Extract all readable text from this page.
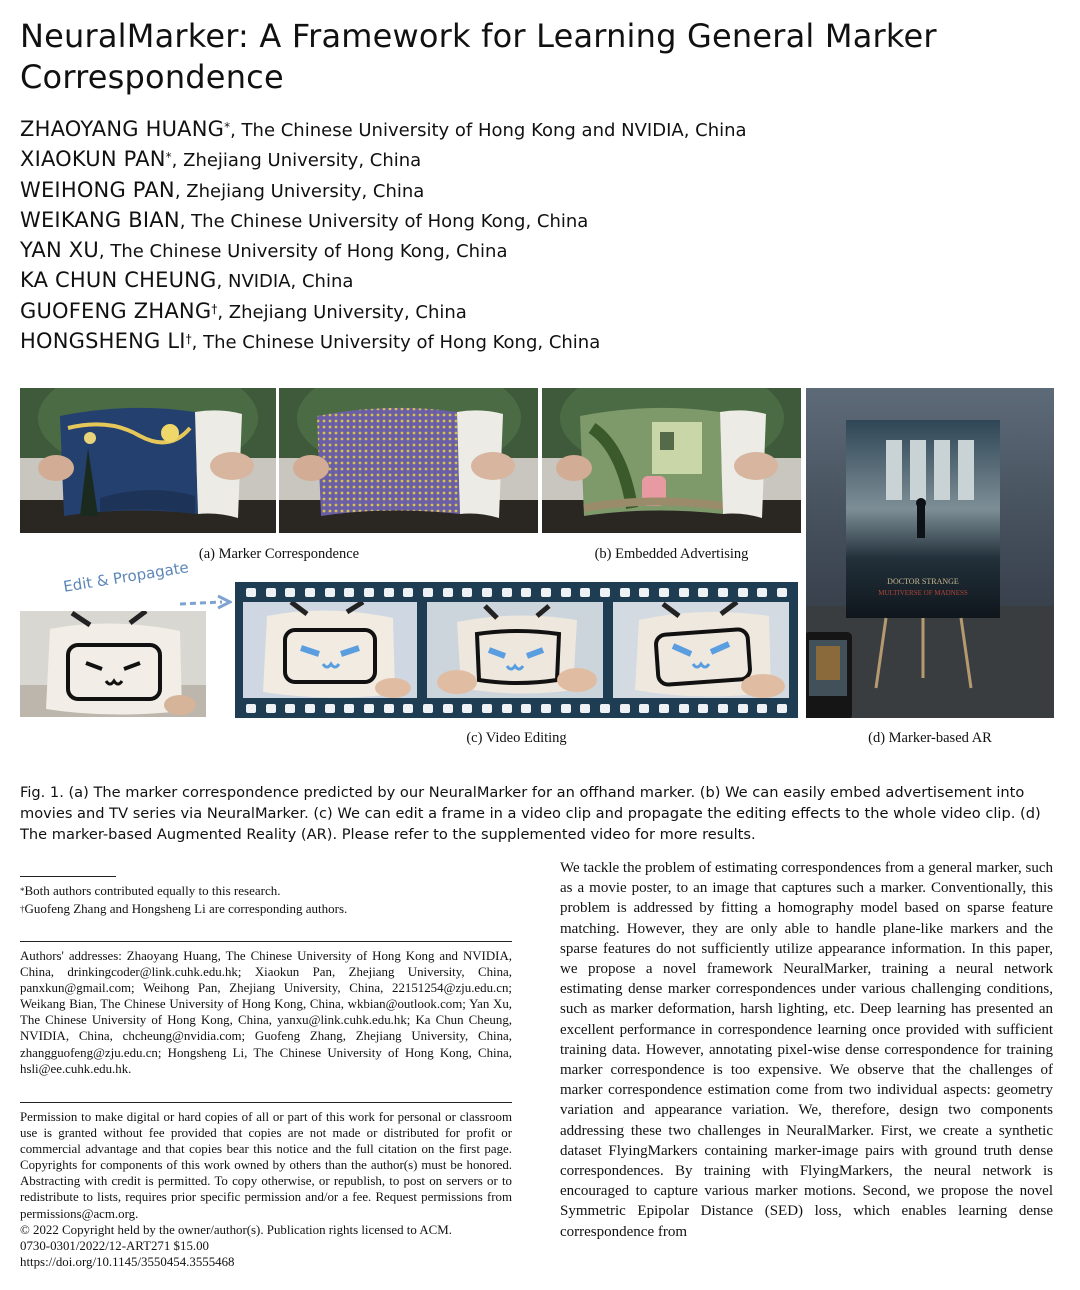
NeuralMarker: A Framework for Learning General Marker Correspondence
ZHAOYANG HUANG*, The Chinese University of Hong Kong and NVIDIA, China
XIAOKUN PAN*, Zhejiang University, China
WEIHONG PAN, Zhejiang University, China
WEIKANG BIAN, The Chinese University of Hong Kong, China
YAN XU, The Chinese University of Hong Kong, China
KA CHUN CHEUNG, NVIDIA, China
GUOFENG ZHANG†, Zhejiang University, China
HONGSHENG LI†, The Chinese University of Hong Kong, China
(a) Marker Correspondence	(b) Embedded Advertising
DOCTOR STRANGE
MULTIVERSE OF MADNESS
(d) Marker-based AR
Edit & Propagate
(c) Video Editing

Fig. 1. (a) The marker correspondence predicted by our NeuralMarker for an offhand marker. (b) We can easily embed advertisement into movies and TV series via NeuralMarker. (c) We can edit a frame in a video clip and propagate the editing effects to the whole video clip. (d) The marker-based Augmented Reality (AR). Please refer to the supplemented video for more results.

*Both authors contributed equally to this research.
†Guofeng Zhang and Hongsheng Li are corresponding authors.
Authors' addresses: Zhaoyang Huang, The Chinese University of Hong Kong and NVIDIA, China, drinkingcoder@link.cuhk.edu.hk; Xiaokun Pan, Zhejiang University, China, panxkun@gmail.com; Weihong Pan, Zhejiang University, China, 22151254@zju.edu.cn; Weikang Bian, The Chinese University of Hong Kong, China, wkbian@outlook.com; Yan Xu, The Chinese University of Hong Kong, China, yanxu@link.cuhk.edu.hk; Ka Chun Cheung, NVIDIA, China, chcheung@nvidia.com; Guofeng Zhang, Zhejiang University, China, zhangguofeng@zju.edu.cn; Hongsheng Li, The Chinese University of Hong Kong, China, hsli@ee.cuhk.edu.hk.
Permission to make digital or hard copies of all or part of this work for personal or classroom use is granted without fee provided that copies are not made or distributed for profit or commercial advantage and that copies bear this notice and the full citation on the first page. Copyrights for components of this work owned by others than the author(s) must be honored. Abstracting with credit is permitted. To copy otherwise, or republish, to post on servers or to redistribute to lists, requires prior specific permission and/or a fee. Request permissions from permissions@acm.org.
© 2022 Copyright held by the owner/author(s). Publication rights licensed to ACM.
0730-0301/2022/12-ART271 $15.00
https://doi.org/10.1145/3550454.3555468

We tackle the problem of estimating correspondences from a general marker, such as a movie poster, to an image that captures such a marker. Conventionally, this problem is addressed by fitting a homography model based on sparse feature matching. However, they are only able to handle plane-like markers and the sparse features do not sufficiently utilize appearance information. In this paper, we propose a novel framework NeuralMarker, training a neural network estimating dense marker correspondences under various challenging conditions, such as marker deformation, harsh lighting, etc. Deep learning has presented an excellent performance in correspondence learning once provided with sufficient training data. However, annotating pixel-wise dense correspondence for training marker correspondence is too expensive. We observe that the challenges of marker correspondence estimation come from two individual aspects: geometry variation and appearance variation. We, therefore, design two components addressing these two challenges in NeuralMarker. First, we create a synthetic dataset FlyingMarkers containing marker-image pairs with ground truth dense correspondences. By training with FlyingMarkers, the neural network is encouraged to capture various marker motions. Second, we propose the novel Symmetric Epipolar Distance (SED) loss, which enables learning dense correspondence from
